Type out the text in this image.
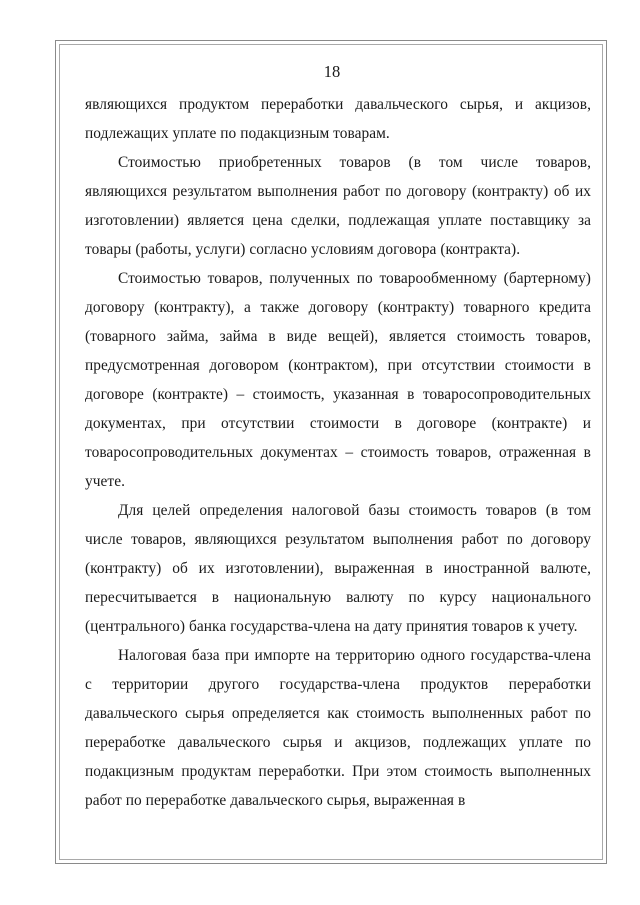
18

являющихся продуктом переработки давальческого сырья, и акцизов, подлежащих уплате по подакцизным товарам.

Стоимостью приобретенных товаров (в том числе товаров, являющихся результатом выполнения работ по договору (контракту) об их изготовлении) является цена сделки, подлежащая уплате поставщику за товары (работы, услуги) согласно условиям договора (контракта).

Стоимостью товаров, полученных по товарообменному (бартерному) договору (контракту), а также договору (контракту) товарного кредита (товарного займа, займа в виде вещей), является стоимость товаров, предусмотренная договором (контрактом), при отсутствии стоимости в договоре (контракте) – стоимость, указанная в товаросопроводительных документах, при отсутствии стоимости в договоре (контракте) и товаросопроводительных документах – стоимость товаров, отраженная в учете.

Для целей определения налоговой базы стоимость товаров (в том числе товаров, являющихся результатом выполнения работ по договору (контракту) об их изготовлении), выраженная в иностранной валюте, пересчитывается в национальную валюту по курсу национального (центрального) банка государства-члена на дату принятия товаров к учету.

Налоговая база при импорте на территорию одного государства-члена с территории другого государства-члена продуктов переработки давальческого сырья определяется как стоимость выполненных работ по переработке давальческого сырья и акцизов, подлежащих уплате по подакцизным продуктам переработки. При этом стоимость выполненных работ по переработке давальческого сырья, выраженная в
